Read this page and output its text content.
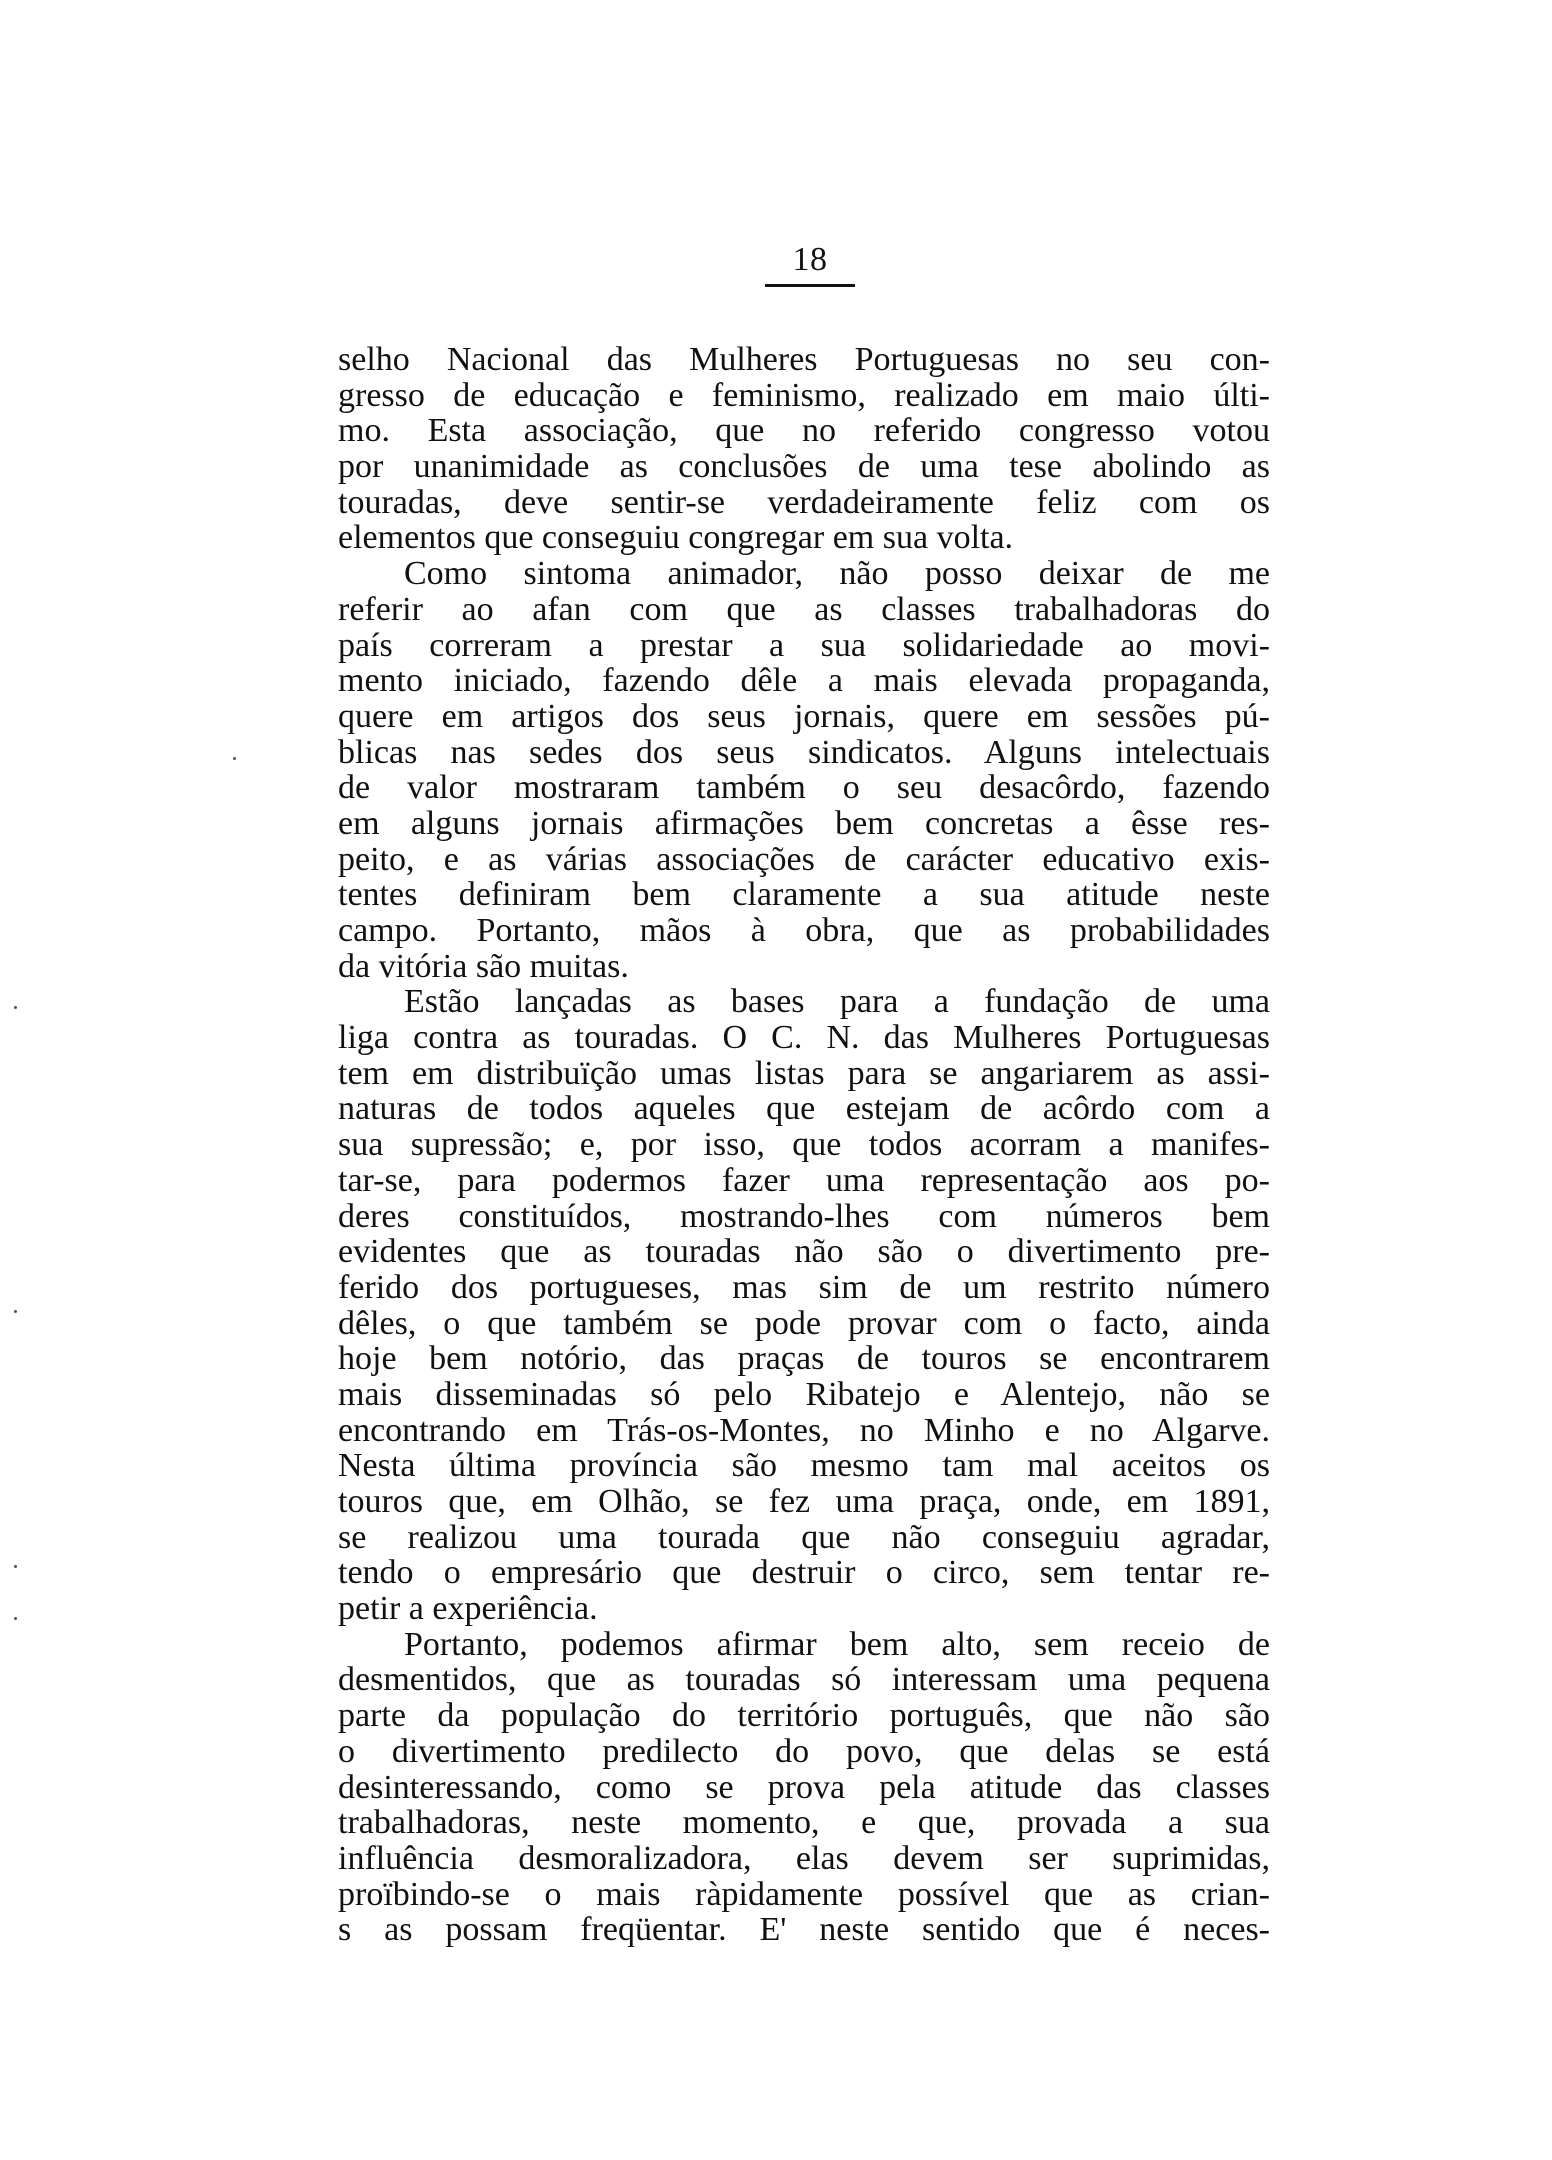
18
selho Nacional das Mulheres Portuguesas no seu con-
gresso de educação e feminismo, realizado em maio últi-
mo. Esta associação, que no referido congresso votou
por unanimidade as conclusões de uma tese abolindo as
touradas, deve sentir-se verdadeiramente feliz com os
elementos que conseguiu congregar em sua volta.
Como sintoma animador, não posso deixar de me
referir ao afan com que as classes trabalhadoras do
país correram a prestar a sua solidariedade ao movi-
mento iniciado, fazendo dêle a mais elevada propaganda,
quere em artigos dos seus jornais, quere em sessões pú-
blicas nas sedes dos seus sindicatos. Alguns intelectuais
de valor mostraram também o seu desacôrdo, fazendo
em alguns jornais afirmações bem concretas a êsse res-
peito, e as várias associações de carácter educativo exis-
tentes definiram bem claramente a sua atitude neste
campo. Portanto, mãos à obra, que as probabilidades
da vitória são muitas.
Estão lançadas as bases para a fundação de uma
liga contra as touradas. O C. N. das Mulheres Portuguesas
tem em distribuïção umas listas para se angariarem as assi-
naturas de todos aqueles que estejam de acôrdo com a
sua supressão; e, por isso, que todos acorram a manifes-
tar-se, para podermos fazer uma representação aos po-
deres constituídos, mostrando-lhes com números bem
evidentes que as touradas não são o divertimento pre-
ferido dos portugueses, mas sim de um restrito número
dêles, o que também se pode provar com o facto, ainda
hoje bem notório, das praças de touros se encontrarem
mais disseminadas só pelo Ribatejo e Alentejo, não se
encontrando em Trás-os-Montes, no Minho e no Algarve.
Nesta última província são mesmo tam mal aceitos os
touros que, em Olhão, se fez uma praça, onde, em 1891,
se realizou uma tourada que não conseguiu agradar,
tendo o empresário que destruir o circo, sem tentar re-
petir a experiência.
Portanto, podemos afirmar bem alto, sem receio de
desmentidos, que as touradas só interessam uma pequena
parte da população do território português, que não são
o divertimento predilecto do povo, que delas se está
desinteressando, como se prova pela atitude das classes
trabalhadoras, neste momento, e que, provada a sua
influência desmoralizadora, elas devem ser suprimidas,
proïbindo-se o mais ràpidamente possível que as crian-
s as possam freqüentar. E' neste sentido que é neces-
